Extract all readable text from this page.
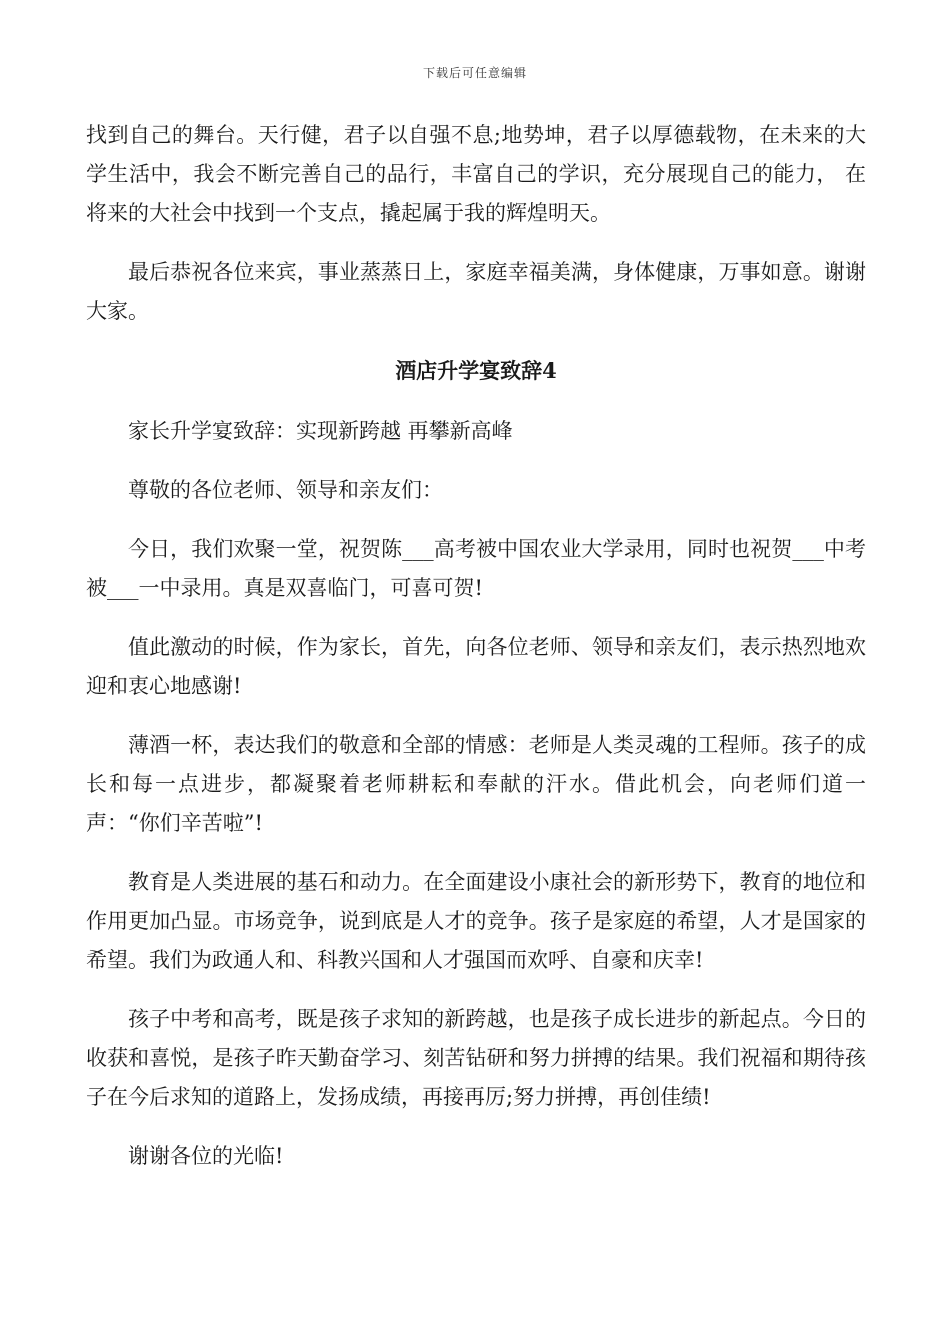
下载后可任意编辑

找到自己的舞台。天行健，君子以自强不息;地势坤，君子以厚德载物，在未来的大学生活中，我会不断完善自己的品行，丰富自己的学识，充分展现自己的能力， 在将来的大社会中找到一个支点，撬起属于我的辉煌明天。

最后恭祝各位来宾，事业蒸蒸日上，家庭幸福美满，身体健康，万事如意。谢谢大家。

酒店升学宴致辞4

家长升学宴致辞：实现新跨越 再攀新高峰

尊敬的各位老师、领导和亲友们：

今日，我们欢聚一堂，祝贺陈___高考被中国农业大学录用，同时也祝贺___中考被___一中录用。真是双喜临门，可喜可贺!

值此激动的时候，作为家长，首先，向各位老师、领导和亲友们，表示热烈地欢迎和衷心地感谢!

薄酒一杯，表达我们的敬意和全部的情感：老师是人类灵魂的工程师。孩子的成长和每一点进步，都凝聚着老师耕耘和奉献的汗水。借此机会，向老师们道一声：“你们辛苦啦”!

教育是人类进展的基石和动力。在全面建设小康社会的新形势下，教育的地位和作用更加凸显。市场竞争，说到底是人才的竞争。孩子是家庭的希望，人才是国家的希望。我们为政通人和、科教兴国和人才强国而欢呼、自豪和庆幸!

孩子中考和高考，既是孩子求知的新跨越，也是孩子成长进步的新起点。今日的收获和喜悦，是孩子昨天勤奋学习、刻苦钻研和努力拼搏的结果。我们祝福和期待孩子在今后求知的道路上，发扬成绩，再接再厉;努力拼搏，再创佳绩!

谢谢各位的光临!
